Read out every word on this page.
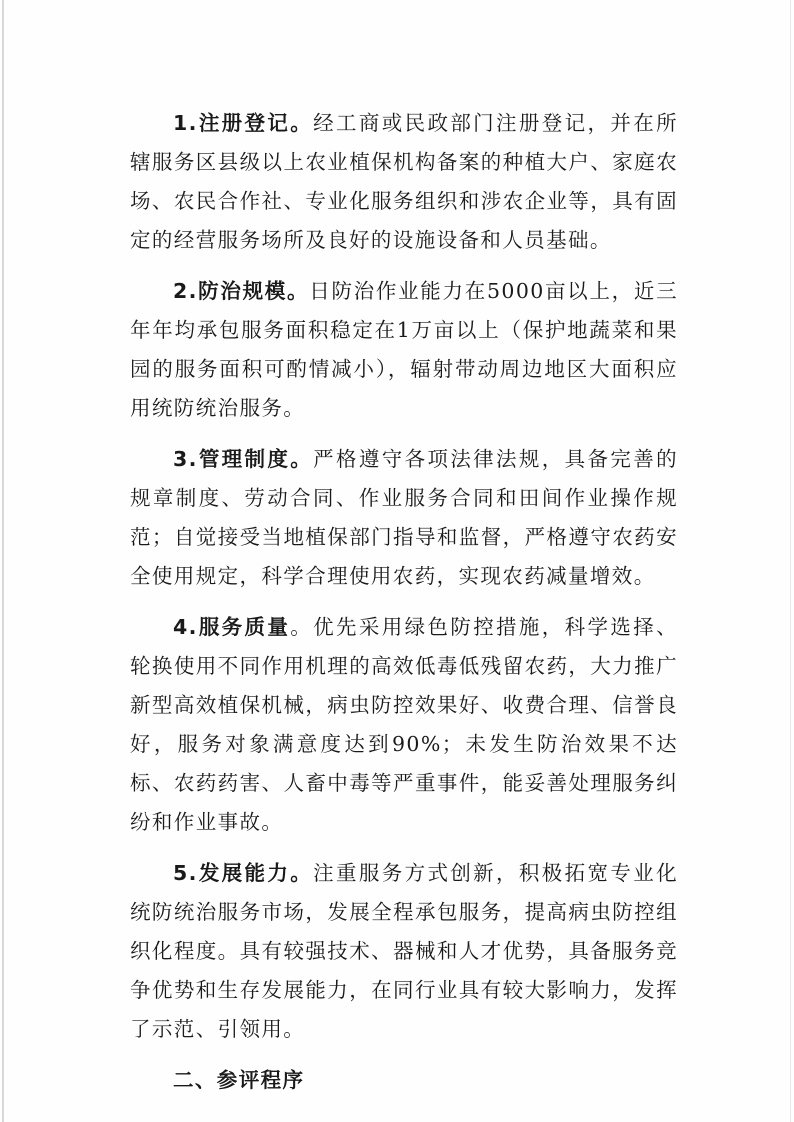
1.注册登记。经工商或民政部门注册登记，并在所辖服务区县级以上农业植保机构备案的种植大户、家庭农场、农民合作社、专业化服务组织和涉农企业等，具有固定的经营服务场所及良好的设施设备和人员基础。

2.防治规模。日防治作业能力在5000亩以上，近三年年均承包服务面积稳定在1万亩以上（保护地蔬菜和果园的服务面积可酌情减小），辐射带动周边地区大面积应用统防统治服务。

3.管理制度。严格遵守各项法律法规，具备完善的规章制度、劳动合同、作业服务合同和田间作业操作规范；自觉接受当地植保部门指导和监督，严格遵守农药安全使用规定，科学合理使用农药，实现农药减量增效。

4.服务质量。优先采用绿色防控措施，科学选择、轮换使用不同作用机理的高效低毒低残留农药，大力推广新型高效植保机械，病虫防控效果好、收费合理、信誉良好，服务对象满意度达到90%；未发生防治效果不达标、农药药害、人畜中毒等严重事件，能妥善处理服务纠纷和作业事故。

5.发展能力。注重服务方式创新，积极拓宽专业化统防统治服务市场，发展全程承包服务，提高病虫防控组织化程度。具有较强技术、器械和人才优势，具备服务竞争优势和生存发展能力，在同行业具有较大影响力，发挥了示范、引领用。

二、参评程序
